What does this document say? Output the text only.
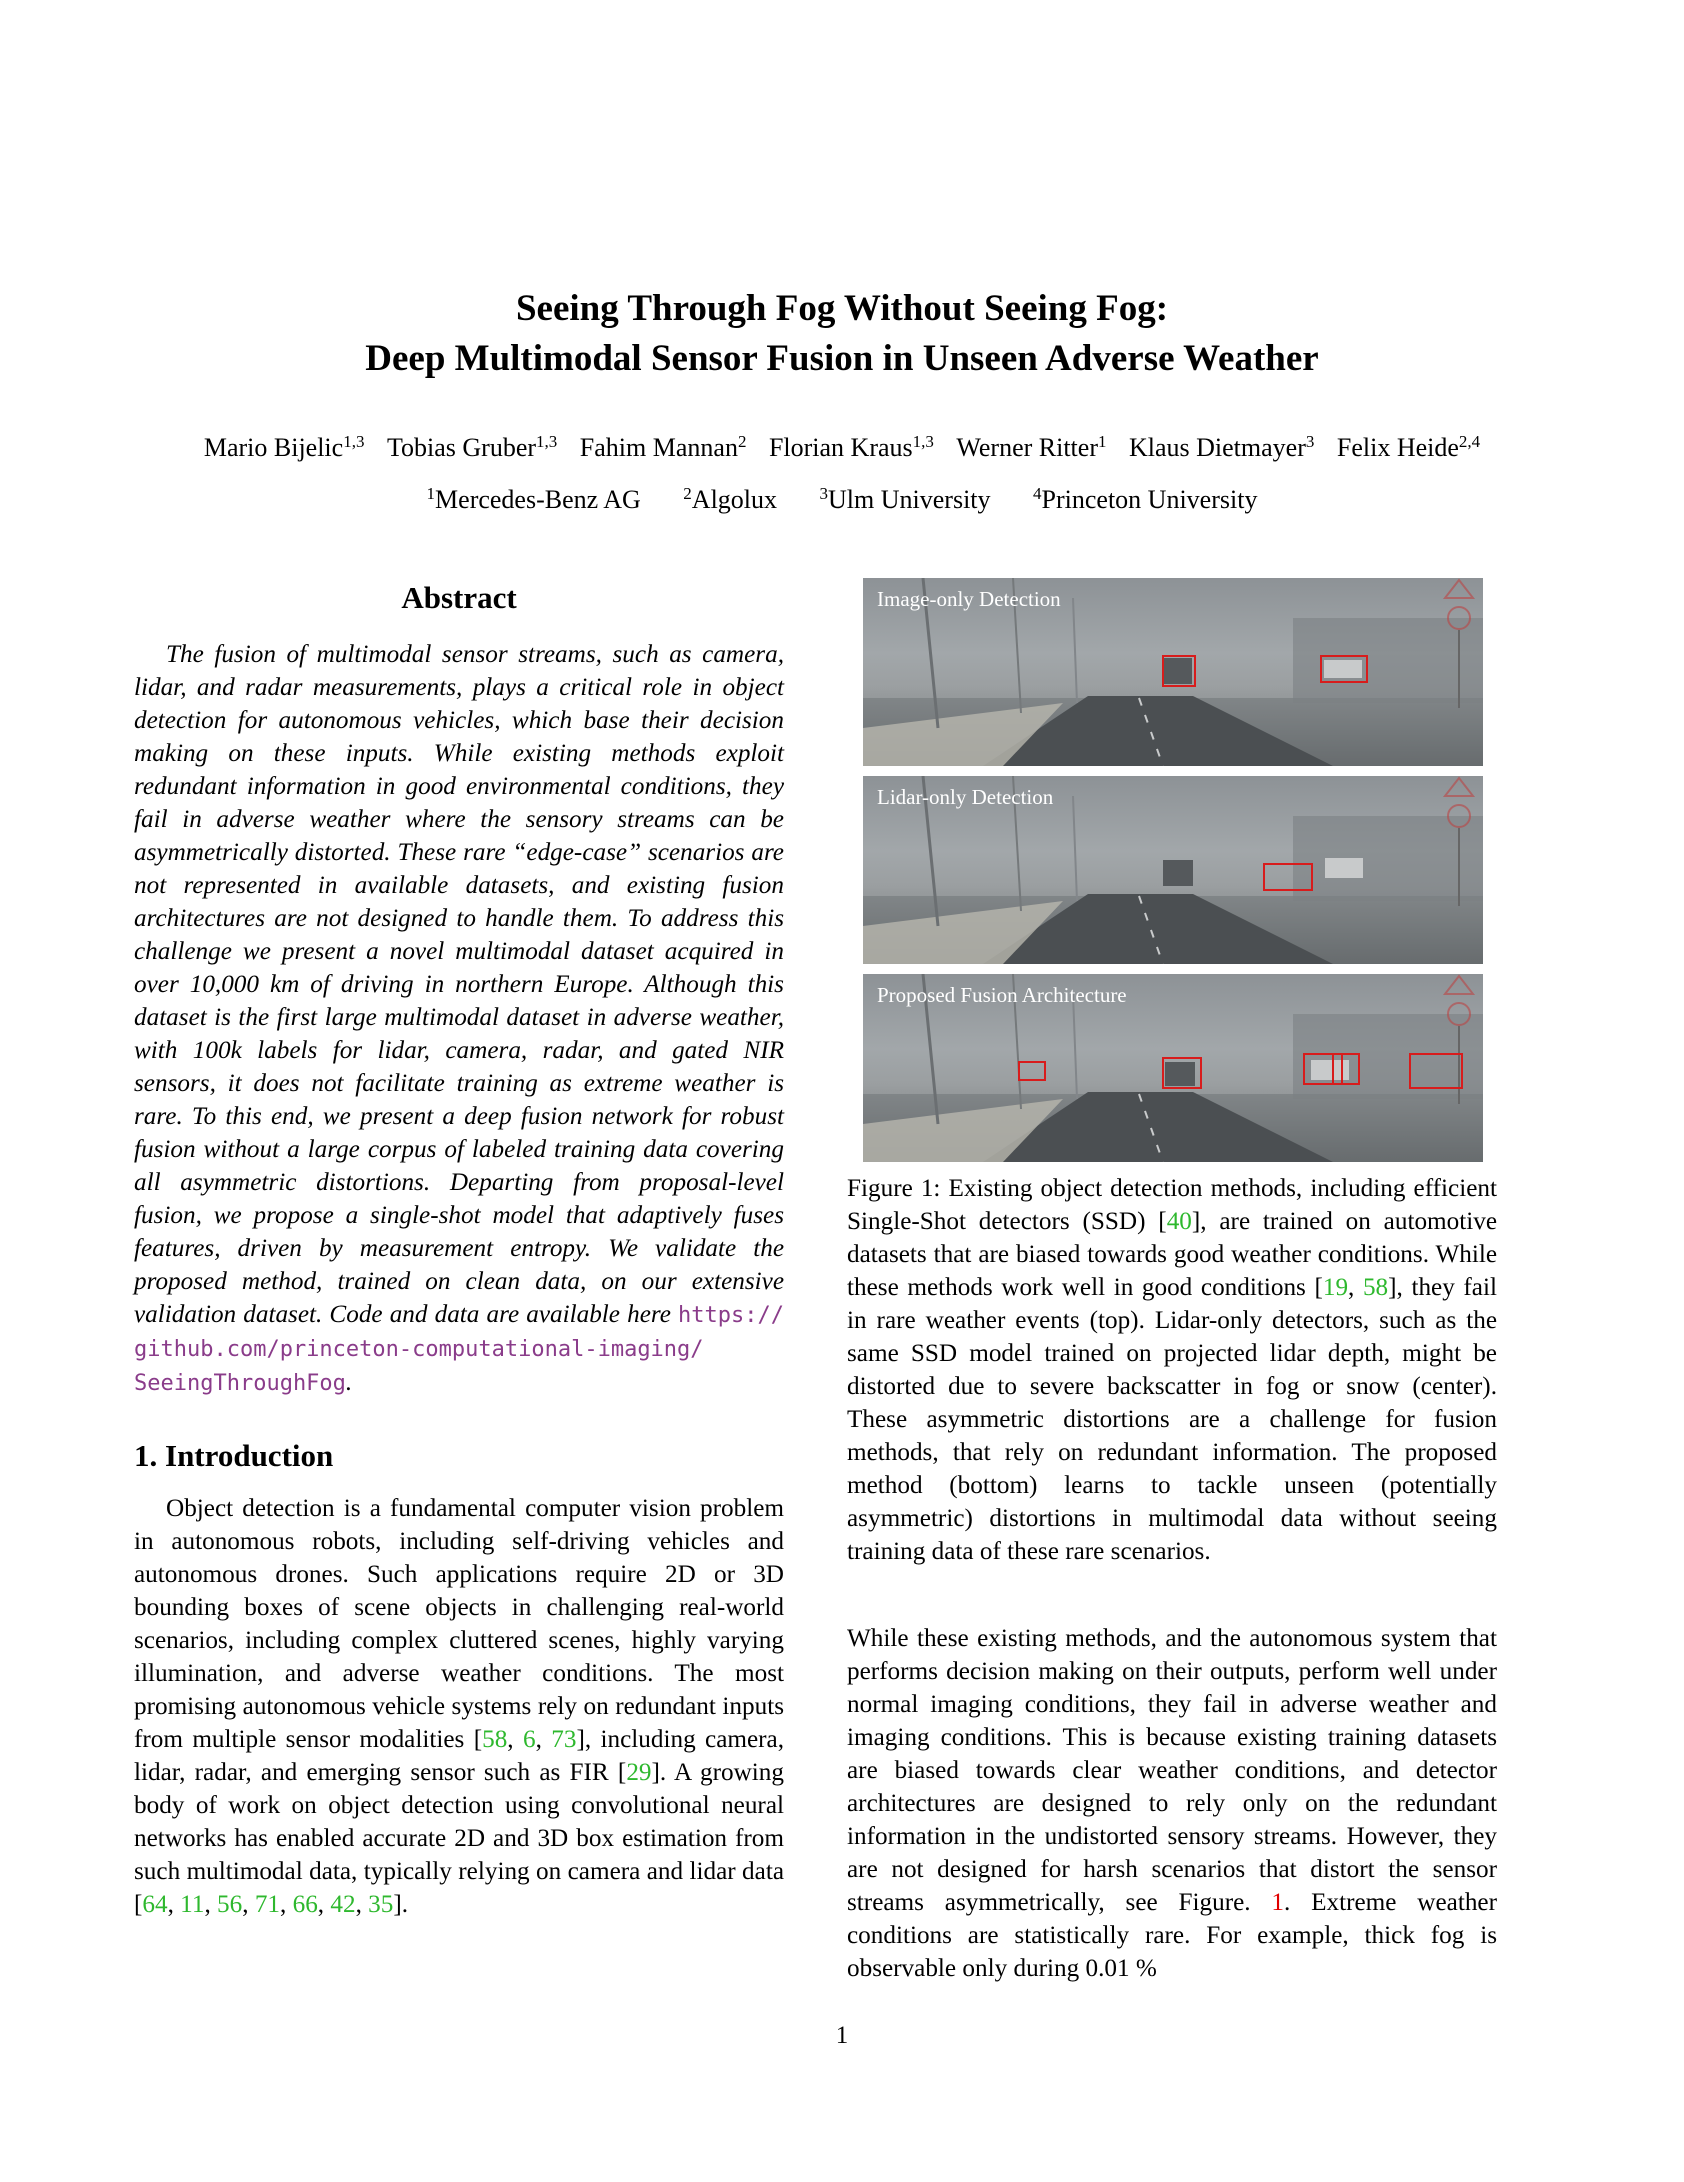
Seeing Through Fog Without Seeing Fog:
Deep Multimodal Sensor Fusion in Unseen Adverse Weather
Mario Bijelic$^{1,3}$ Tobias Gruber$^{1,3}$ Fahim Mannan$^2$ Florian Kraus$^{1,3}$ Werner Ritter$^1$ Klaus Dietmayer$^3$ Felix Heide$^{2,4}$
$^1$Mercedes-Benz AG	$^2$Algolux	$^3$Ulm University	$^4$Princeton University
Abstract

The fusion of multimodal sensor streams, such as camera, lidar, and radar measurements, plays a critical role in object detection for autonomous vehicles, which base their decision making on these inputs. While existing methods exploit redundant information in good environmental conditions, they fail in adverse weather where the sensory streams can be asymmetrically distorted. These rare “edge-case” scenarios are not represented in available datasets, and existing fusion architectures are not designed to handle them. To address this challenge we present a novel multimodal dataset acquired in over 10,000 km of driving in northern Europe. Although this dataset is the first large multimodal dataset in adverse weather, with 100k labels for lidar, camera, radar, and gated NIR sensors, it does not facilitate training as extreme weather is rare. To this end, we present a deep fusion network for robust fusion without a large corpus of labeled training data covering all asymmetric distortions. Departing from proposal-level fusion, we propose a single-shot model that adaptively fuses features, driven by measurement entropy. We validate the proposed method, trained on clean data, on our extensive validation dataset. Code and data are available here https:// github.com/princeton-computational-imaging/ SeeingThroughFog.

1. Introduction

Object detection is a fundamental computer vision problem in autonomous robots, including self-driving vehicles and autonomous drones. Such applications require 2D or 3D bounding boxes of scene objects in challenging real-world scenarios, including complex cluttered scenes, highly varying illumination, and adverse weather conditions. The most promising autonomous vehicle systems rely on redundant inputs from multiple sensor modalities [58, 6, 73], including camera, lidar, radar, and emerging sensor such as FIR [29]. A growing body of work on object detection using convolutional neural networks has enabled accurate 2D and 3D box estimation from such multimodal data, typically relying on camera and lidar data [64, 11, 56, 71, 66, 42, 35].

Image-only Detection
Lidar-only Detection
Proposed Fusion Architecture

Figure 1: Existing object detection methods, including efficient Single-Shot detectors (SSD) [40], are trained on automotive datasets that are biased towards good weather conditions. While these methods work well in good conditions [19, 58], they fail in rare weather events (top). Lidar-only detectors, such as the same SSD model trained on projected lidar depth, might be distorted due to severe backscatter in fog or snow (center). These asymmetric distortions are a challenge for fusion methods, that rely on redundant information. The proposed method (bottom) learns to tackle unseen (potentially asymmetric) distortions in multimodal data without seeing training data of these rare scenarios.

While these existing methods, and the autonomous system that performs decision making on their outputs, perform well under normal imaging conditions, they fail in adverse weather and imaging conditions. This is because existing training datasets are biased towards clear weather conditions, and detector architectures are designed to rely only on the redundant information in the undistorted sensory streams. However, they are not designed for harsh scenarios that distort the sensor streams asymmetrically, see Figure. 1. Extreme weather conditions are statistically rare. For example, thick fog is observable only during 0.01 %

1
